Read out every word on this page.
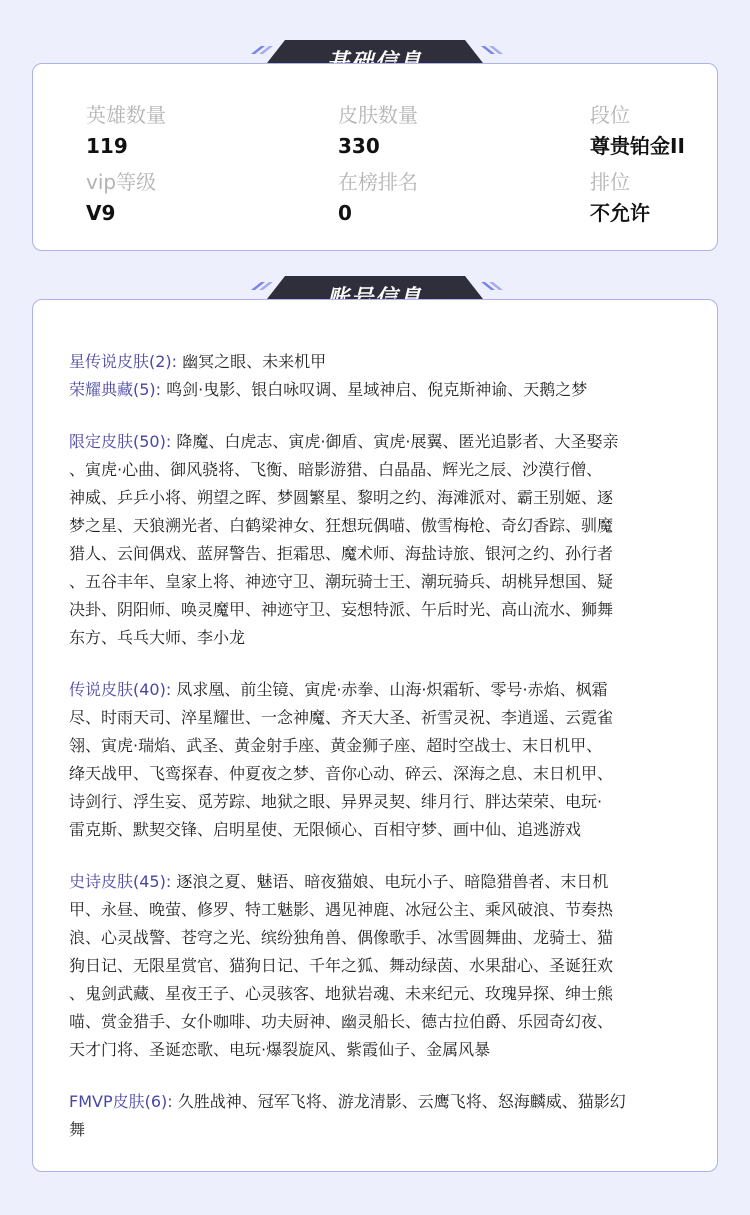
英雄数量
119
皮肤数量
330
段位
尊贵铂金II
vip等级
V9
在榜排名
0
排位
不允许
星传说皮肤(2): 幽冥之眼、未来机甲
荣耀典藏(5): 鸣剑·曳影、银白咏叹调、星域神启、倪克斯神谕、天鹅之梦
限定皮肤(50): 降魔、白虎志、寅虎·御盾、寅虎·展翼、匿光追影者、大圣娶亲
、寅虎·心曲、御风骁将、飞衡、暗影游猎、白晶晶、辉光之辰、沙漠行僧、
神威、乒乒小将、朔望之晖、梦圆繁星、黎明之约、海滩派对、霸王别姬、逐
梦之星、天狼溯光者、白鹤梁神女、狂想玩偶喵、傲雪梅枪、奇幻香踪、驯魔
猎人、云间偶戏、蓝屏警告、拒霜思、魔术师、海盐诗旅、银河之约、孙行者
、五谷丰年、皇家上将、神迹守卫、潮玩骑士王、潮玩骑兵、胡桃异想国、疑
决卦、阴阳师、唤灵魔甲、神迹守卫、妄想特派、午后时光、高山流水、狮舞
东方、乓乓大师、李小龙
传说皮肤(40): 凤求凰、前尘镜、寅虎·赤拳、山海·炽霜斩、零号·赤焰、枫霜
尽、时雨天司、淬星耀世、一念神魔、齐天大圣、祈雪灵祝、李逍遥、云霓雀
翎、寅虎·瑞焰、武圣、黄金射手座、黄金狮子座、超时空战士、末日机甲、
绛天战甲、飞鸾探春、仲夏夜之梦、音你心动、碎云、深海之息、末日机甲、
诗剑行、浮生妄、觅芳踪、地狱之眼、异界灵契、绯月行、胖达荣荣、电玩·
雷克斯、默契交锋、启明星使、无限倾心、百相守梦、画中仙、追逃游戏
史诗皮肤(45): 逐浪之夏、魅语、暗夜猫娘、电玩小子、暗隐猎兽者、末日机
甲、永昼、晚萤、修罗、特工魅影、遇见神鹿、冰冠公主、乘风破浪、节奏热
浪、心灵战警、苍穹之光、缤纷独角兽、偶像歌手、冰雪圆舞曲、龙骑士、猫
狗日记、无限星赏官、猫狗日记、千年之狐、舞动绿茵、水果甜心、圣诞狂欢
、鬼剑武藏、星夜王子、心灵骇客、地狱岩魂、未来纪元、玫瑰异探、绅士熊
喵、赏金猎手、女仆咖啡、功夫厨神、幽灵船长、德古拉伯爵、乐园奇幻夜、
天才门将、圣诞恋歌、电玩·爆裂旋风、紫霞仙子、金属风暴
FMVP皮肤(6): 久胜战神、冠军飞将、游龙清影、云鹰飞将、怒海麟威、猫影幻
舞
